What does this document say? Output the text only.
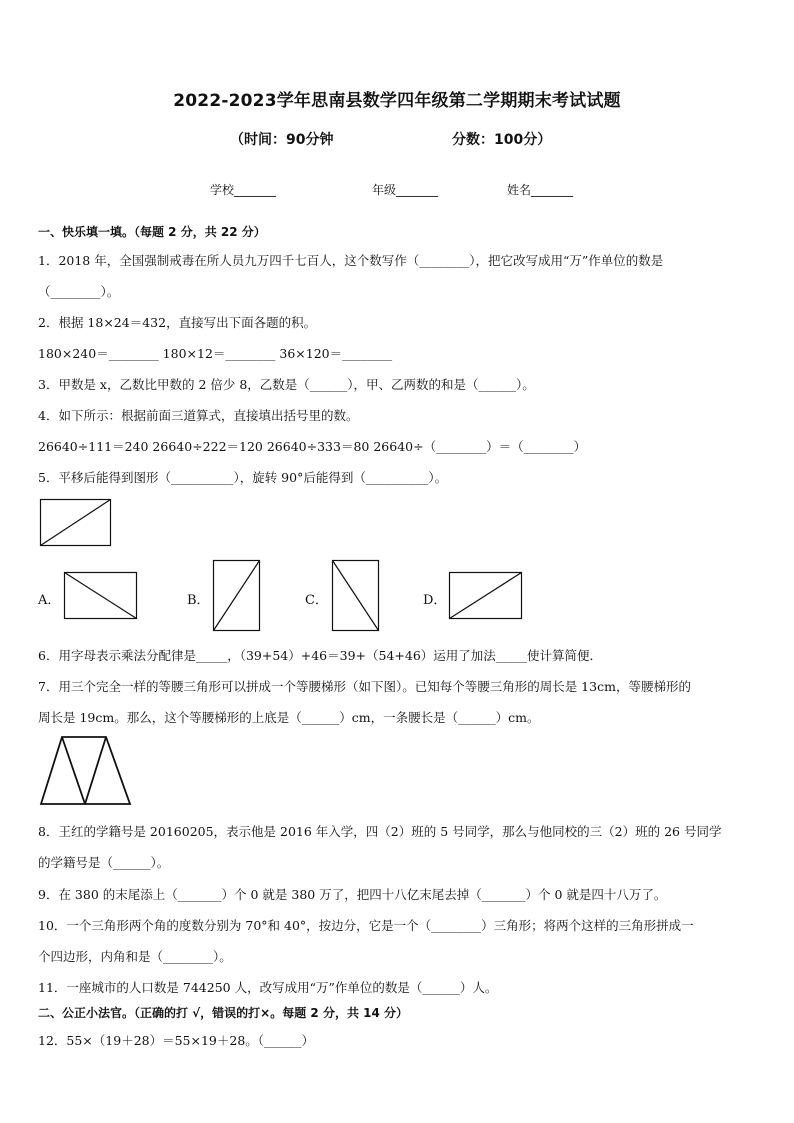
2022-2023学年思南县数学四年级第二学期期末考试试题
（时间：90分钟	分数：100分）
学校_______	年级_______	姓名_______
一、快乐填一填。（每题 2 分，共 22 分）
1．2018 年，全国强制戒毒在所人员九万四千七百人，这个数写作（________），把它改写成用“万”作单位的数是
（________）。
2．根据 18×24＝432，直接写出下面各题的积。
180×240＝________ 180×12＝________ 36×120＝________
3．甲数是 x，乙数比甲数的 2 倍少 8，乙数是（______），甲、乙两数的和是（______）。
4．如下所示：根据前面三道算式，直接填出括号里的数。
26640÷111＝240 26640÷222＝120 26640÷333＝80 26640÷（________）＝（________）
5．平移后能得到图形（__________），旋转 90°后能得到（__________）。
A．	B．	C．	D．
6．用字母表示乘法分配律是_____，（39+54）+46＝39+（54+46）运用了加法_____使计算简便．
7．用三个完全一样的等腰三角形可以拼成一个等腰梯形（如下图）。已知每个等腰三角形的周长是 13cm，等腰梯形的
周长是 19cm。那么，这个等腰梯形的上底是（______）cm，一条腰长是（______）cm。
8．王红的学籍号是 20160205，表示他是 2016 年入学，四（2）班的 5 号同学，那么与他同校的三（2）班的 26 号同学
的学籍号是（______）。
9．在 380 的末尾添上（_______）个 0 就是 380 万了，把四十八亿末尾去掉（_______）个 0 就是四十八万了。
10．一个三角形两个角的度数分别为 70°和 40°，按边分，它是一个（________）三角形；将两个这样的三角形拼成一
个四边形，内角和是（________）。
11．一座城市的人口数是 744250 人，改写成用“万”作单位的数是（______）人。
二、公正小法官。（正确的打 √，错误的打×。每题 2 分，共 14 分）
12．55×（19＋28）＝55×19＋28。（______）
